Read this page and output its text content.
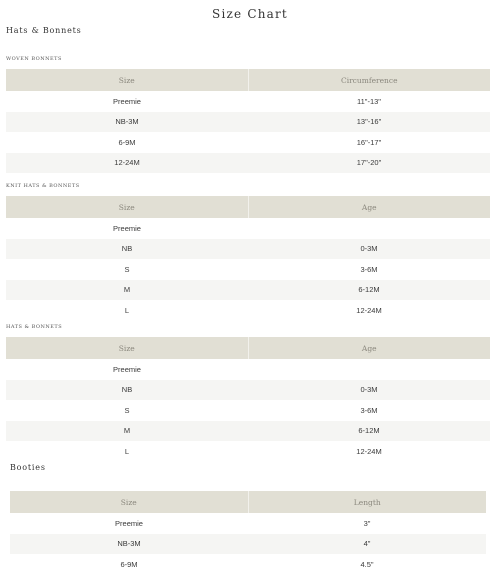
Size Chart
Hats & Bonnets
WOVEN BONNETS
Size	Circumference
Preemie	11"-13"
NB-3M	13"-16"
6-9M	16"-17"
12-24M	17"-20"
KNIT HATS & BONNETS
Size	Age
Preemie
NB	0-3M
S	3-6M
M	6-12M
L	12-24M
HATS & BONNETS
Size	Age
Preemie
NB	0-3M
S	3-6M
M	6-12M
L	12-24M
Booties
Size	Length
Preemie	3"
NB-3M	4"
6-9M	4.5"
